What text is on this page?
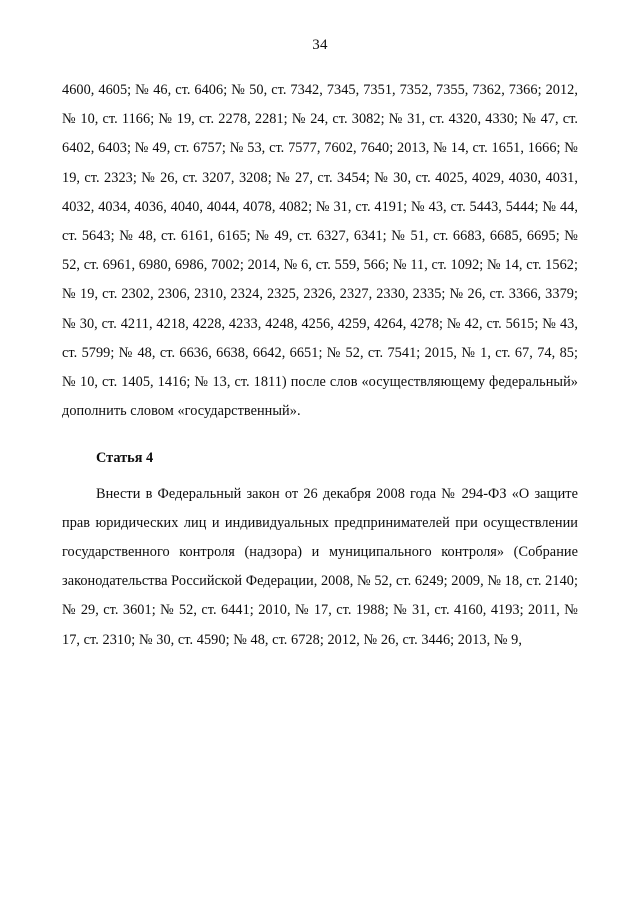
34

4600, 4605; № 46, ст. 6406; № 50, ст. 7342, 7345, 7351, 7352, 7355, 7362, 7366; 2012, № 10, ст. 1166; № 19, ст. 2278, 2281; № 24, ст. 3082; № 31, ст. 4320, 4330; № 47, ст. 6402, 6403; № 49, ст. 6757; № 53, ст. 7577, 7602, 7640; 2013, № 14, ст. 1651, 1666; № 19, ст. 2323; № 26, ст. 3207, 3208; № 27, ст. 3454; № 30, ст. 4025, 4029, 4030, 4031, 4032, 4034, 4036, 4040, 4044, 4078, 4082; № 31, ст. 4191; № 43, ст. 5443, 5444; № 44, ст. 5643; № 48, ст. 6161, 6165; № 49, ст. 6327, 6341; № 51, ст. 6683, 6685, 6695; № 52, ст. 6961, 6980, 6986, 7002; 2014, № 6, ст. 559, 566; № 11, ст. 1092; № 14, ст. 1562; № 19, ст. 2302, 2306, 2310, 2324, 2325, 2326, 2327, 2330, 2335; № 26, ст. 3366, 3379; № 30, ст. 4211, 4218, 4228, 4233, 4248, 4256, 4259, 4264, 4278; № 42, ст. 5615; № 43, ст. 5799; № 48, ст. 6636, 6638, 6642, 6651; № 52, ст. 7541; 2015, № 1, ст. 67, 74, 85; № 10, ст. 1405, 1416; № 13, ст. 1811) после слов «осуществляющему федеральный» дополнить словом «государственный».

Статья 4

Внести в Федеральный закон от 26 декабря 2008 года № 294-ФЗ «О защите прав юридических лиц и индивидуальных предпринимателей при осуществлении государственного контроля (надзора) и муниципального контроля» (Собрание законодательства Российской Федерации, 2008, № 52, ст. 6249; 2009, № 18, ст. 2140; № 29, ст. 3601; № 52, ст. 6441; 2010, № 17, ст. 1988; № 31, ст. 4160, 4193; 2011, № 17, ст. 2310; № 30, ст. 4590; № 48, ст. 6728; 2012, № 26, ст. 3446; 2013, № 9,
